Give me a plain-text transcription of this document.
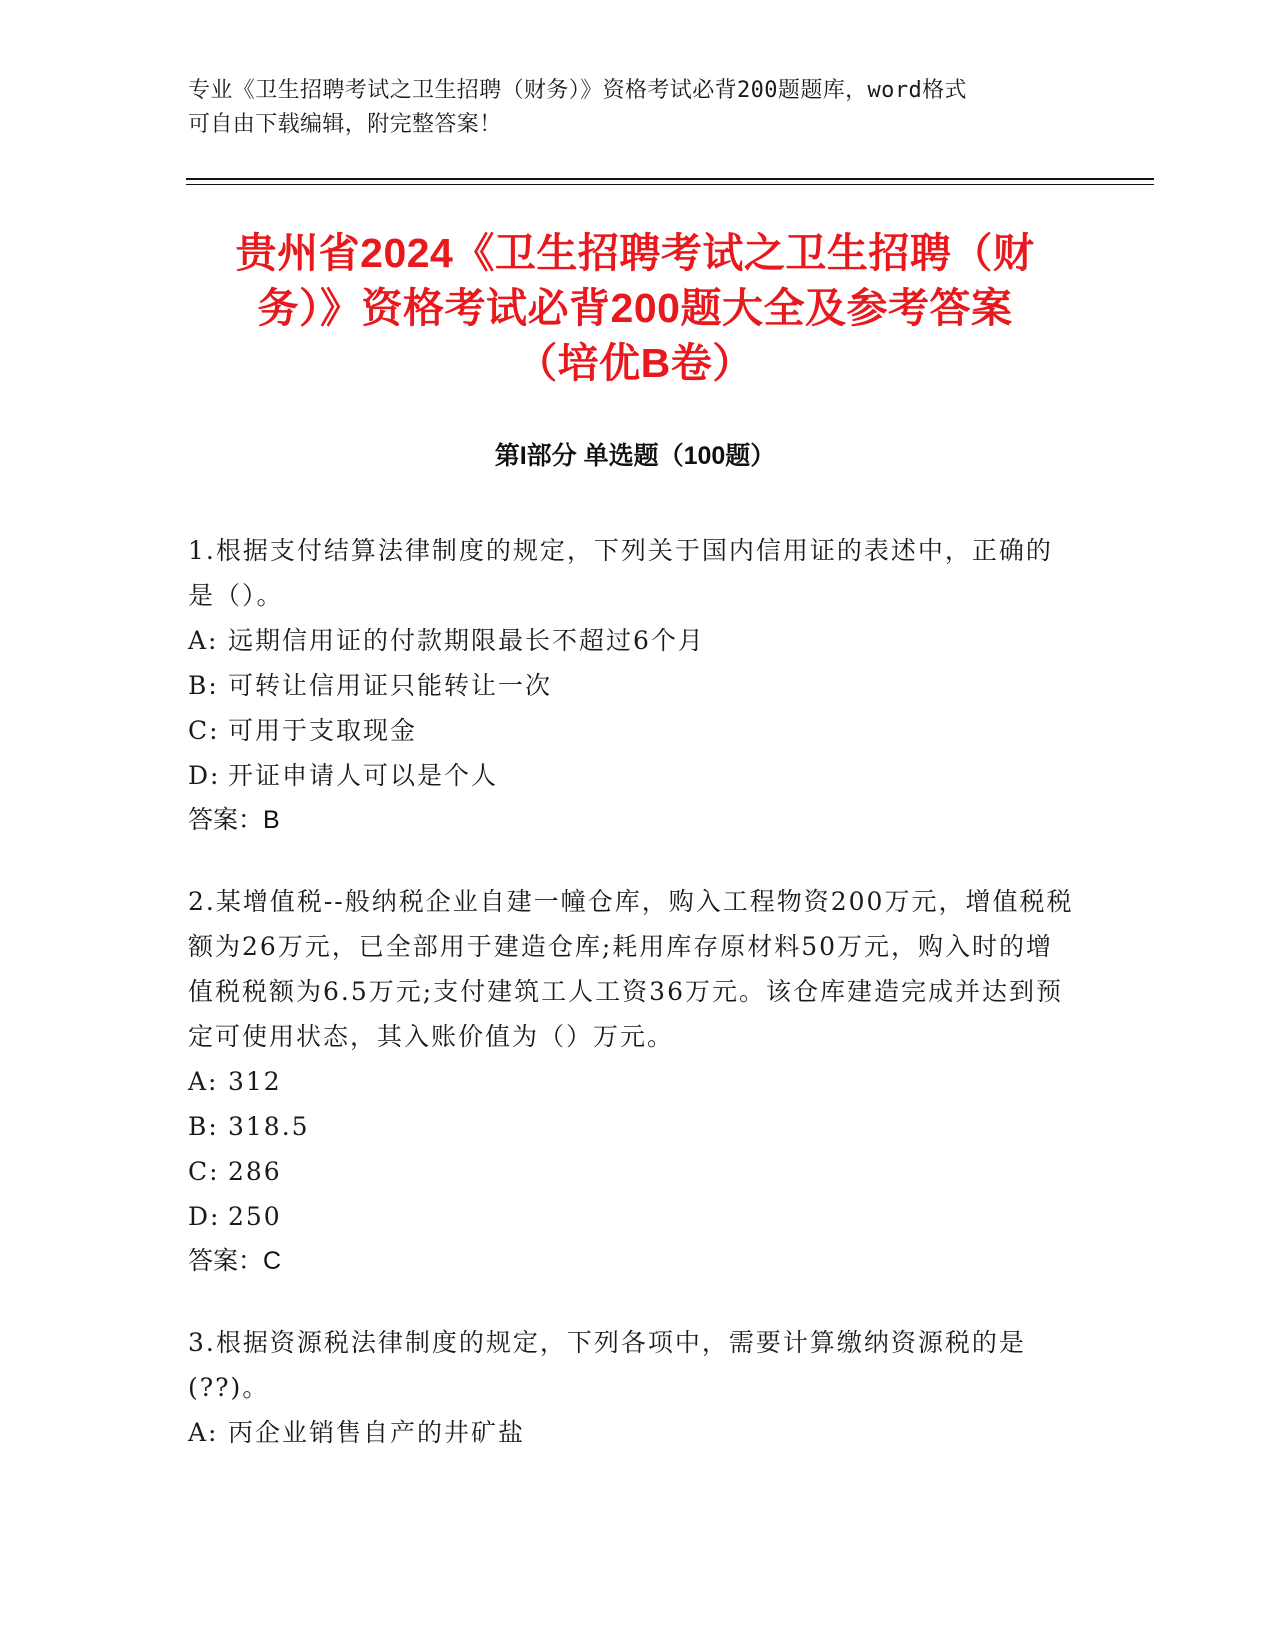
专业《卫生招聘考试之卫生招聘（财务）》资格考试必背200题题库，word格式
可自由下载编辑，附完整答案！
贵州省2024《卫生招聘考试之卫生招聘（财
务）》资格考试必背200题大全及参考答案
（培优B卷）
第I部分 单选题（100题）

1.根据支付结算法律制度的规定，下列关于国内信用证的表述中，正确的是（）。

A: 远期信用证的付款期限最长不超过6个月
B: 可转让信用证只能转让一次
C: 可用于支取现金
D: 开证申请人可以是个人

答案：B

2.某增值税--般纳税企业自建一幢仓库，购入工程物资200万元，增值税税额为26万元，已全部用于建造仓库;耗用库存原材料50万元，购入时的增值税税额为6.5万元;支付建筑工人工资36万元。该仓库建造完成并达到预定可使用状态，其入账价值为（）万元。

A: 312
B: 318.5
C: 286
D: 250

答案：C

3.根据资源税法律制度的规定，下列各项中，需要计算缴纳资源税的是(??)。

A: 丙企业销售自产的井矿盐
